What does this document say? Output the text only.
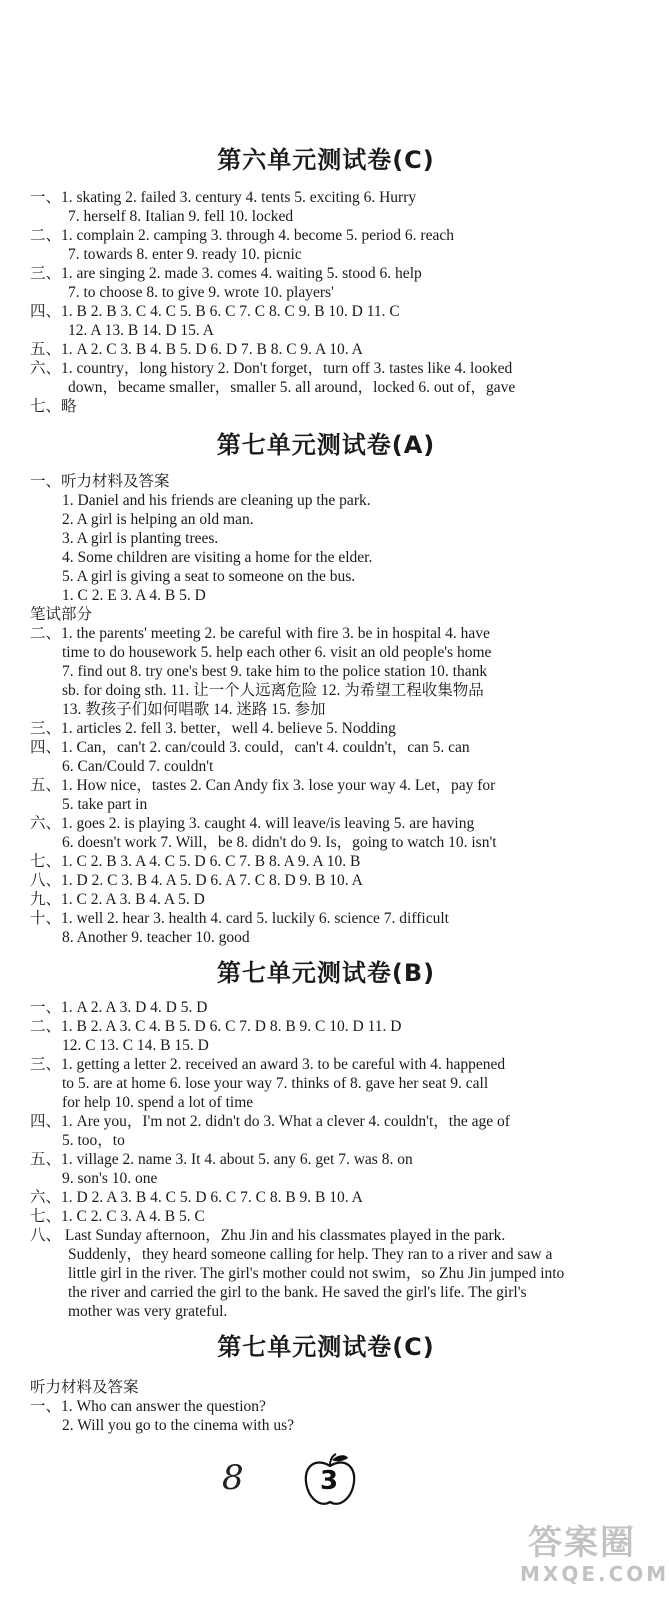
第六单元测试卷(C)
一、1. skating 2. failed 3. century 4. tents 5. exciting 6. Hurry
7. herself 8. Italian 9. fell 10. locked
二、1. complain 2. camping 3. through 4. become 5. period 6. reach
7. towards 8. enter 9. ready 10. picnic
三、1. are singing 2. made 3. comes 4. waiting 5. stood 6. help
7. to choose 8. to give 9. wrote 10. players'
四、1. B 2. B 3. C 4. C 5. B 6. C 7. C 8. C 9. B 10. D 11. C
12. A 13. B 14. D 15. A
五、1. A 2. C 3. B 4. B 5. D 6. D 7. B 8. C 9. A 10. A
六、1. country，long history 2. Don't forget，turn off 3. tastes like 4. looked
down，became smaller，smaller 5. all around，locked 6. out of，gave
七、略
第七单元测试卷(A)
一、听力材料及答案
1. Daniel and his friends are cleaning up the park.
2. A girl is helping an old man.
3. A girl is planting trees.
4. Some children are visiting a home for the elder.
5. A girl is giving a seat to someone on the bus.
1. C 2. E 3. A 4. B 5. D
笔试部分
二、1. the parents' meeting 2. be careful with fire 3. be in hospital 4. have
time to do housework 5. help each other 6. visit an old people's home
7. find out 8. try one's best 9. take him to the police station 10. thank
sb. for doing sth. 11. 让一个人远离危险 12. 为希望工程收集物品
13. 教孩子们如何唱歌 14. 迷路 15. 参加
三、1. articles 2. fell 3. better，well 4. believe 5. Nodding
四、1. Can，can't 2. can/could 3. could，can't 4. couldn't，can 5. can
6. Can/Could 7. couldn't
五、1. How nice，tastes 2. Can Andy fix 3. lose your way 4. Let，pay for
5. take part in
六、1. goes 2. is playing 3. caught 4. will leave/is leaving 5. are having
6. doesn't work 7. Will，be 8. didn't do 9. Is，going to watch 10. isn't
七、1. C 2. B 3. A 4. C 5. D 6. C 7. B 8. A 9. A 10. B
八、1. D 2. C 3. B 4. A 5. D 6. A 7. C 8. D 9. B 10. A
九、1. C 2. A 3. B 4. A 5. D
十、1. well 2. hear 3. health 4. card 5. luckily 6. science 7. difficult
8. Another 9. teacher 10. good
第七单元测试卷(B)
一、1. A 2. A 3. D 4. D 5. D
二、1. B 2. A 3. C 4. B 5. D 6. C 7. D 8. B 9. C 10. D 11. D
12. C 13. C 14. B 15. D
三、1. getting a letter 2. received an award 3. to be careful with 4. happened
to 5. are at home 6. lose your way 7. thinks of 8. gave her seat 9. call
for help 10. spend a lot of time
四、1. Are you，I'm not 2. didn't do 3. What a clever 4. couldn't，the age of
5. too，to
五、1. village 2. name 3. It 4. about 5. any 6. get 7. was 8. on
9. son's 10. one
六、1. D 2. A 3. B 4. C 5. D 6. C 7. C 8. B 9. B 10. A
七、1. C 2. C 3. A 4. B 5. C
八、 Last Sunday afternoon，Zhu Jin and his classmates played in the park.
Suddenly，they heard someone calling for help. They ran to a river and saw a
little girl in the river. The girl's mother could not swim，so Zhu Jin jumped into
the river and carried the girl to the bank. He saved the girl's life. The girl's
mother was very grateful.
第七单元测试卷(C)
听力材料及答案
一、1. Who can answer the question?
2. Will you go to the cinema with us?
8	3
答案圈
MXQE.COM
